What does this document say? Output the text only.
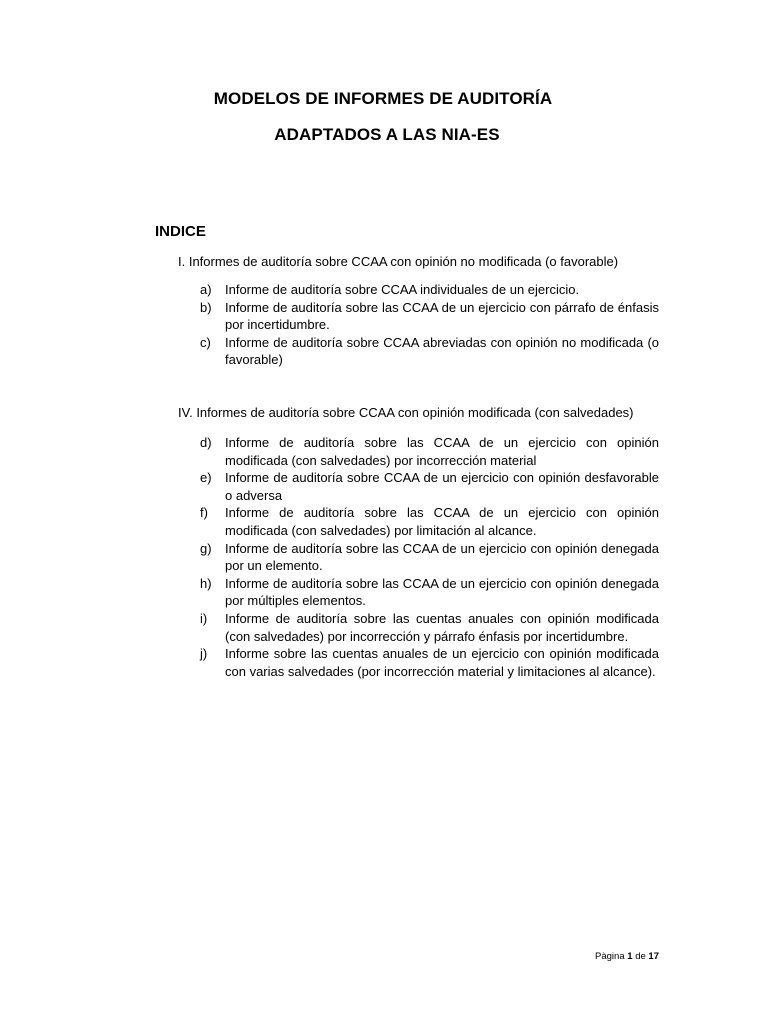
MODELOS DE INFORMES DE AUDITORÍA
ADAPTADOS A LAS NIA-ES
INDICE
I. Informes de auditoría sobre CCAA con opinión no modificada (o favorable)
a)	Informe de auditoría sobre CCAA individuales de un ejercicio.
b)	Informe de auditoría sobre las CCAA de un ejercicio con párrafo de énfasis por incertidumbre.
c)	Informe de auditoría sobre CCAA abreviadas con opinión no modificada (o favorable)
IV. Informes de auditoría sobre CCAA con opinión modificada (con salvedades)
d)	Informe de auditoría sobre las CCAA de un ejercicio con opinión modificada (con salvedades) por incorrección material
e)	Informe de auditoría sobre CCAA de un ejercicio con opinión desfavorable o adversa
f)	Informe de auditoría sobre las CCAA de un ejercicio con opinión modificada (con salvedades) por limitación al alcance.
g)	Informe de auditoría sobre las CCAA de un ejercicio con opinión denegada por un elemento.
h)	Informe de auditoría sobre las CCAA de un ejercicio con opinión denegada por múltiples elementos.
i)	Informe de auditoría sobre las cuentas anuales con opinión modificada (con salvedades) por incorrección y párrafo énfasis por incertidumbre.
j)	Informe sobre las cuentas anuales de un ejercicio con opinión modificada con varias salvedades (por incorrección material y limitaciones al alcance).
Pàgina 1 de 17
